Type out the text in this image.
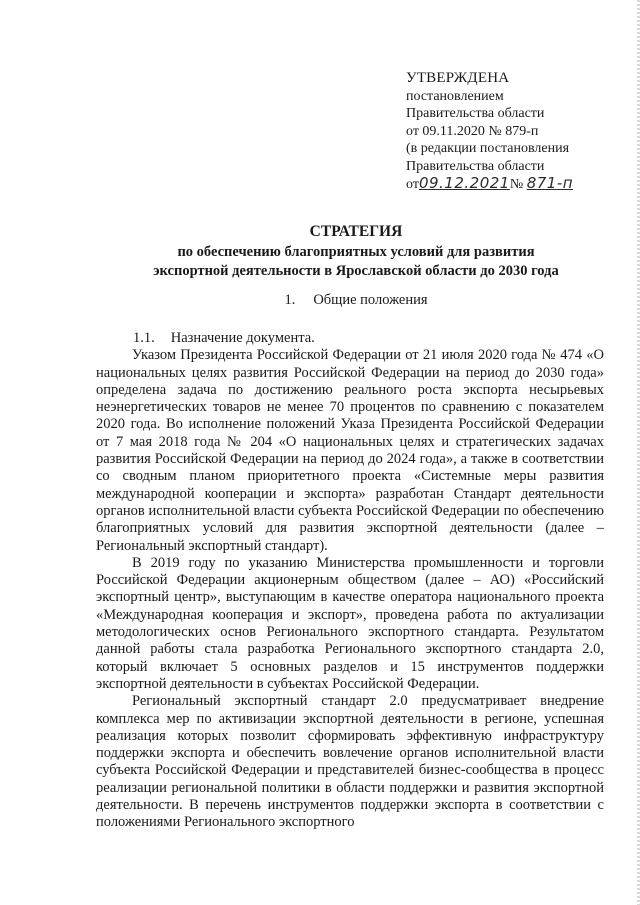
УТВЕРЖДЕНА
постановлением
Правительства области
от 09.11.2020 № 879-п
(в редакции постановления
Правительства области
от09.12.2021№ 871-п
СТРАТЕГИЯ
по обеспечению благоприятных условий для развития
экспортной деятельности в Ярославской области до 2030 года
1. Общие положения

1.1. Назначение документа.

Указом Президента Российской Федерации от 21 июля 2020 года № 474 «О национальных целях развития Российской Федерации на период до 2030 года» определена задача по достижению реального роста экспорта несырьевых неэнергетических товаров не менее 70 процентов по сравнению с показателем 2020 года. Во исполнение положений Указа Президента Российской Федерации от 7 мая 2018 года № 204 «О национальных целях и стратегических задачах развития Российской Федерации на период до 2024 года», а также в соответствии со сводным планом приоритетного проекта «Системные меры развития международной кооперации и экспорта» разработан Стандарт деятельности органов исполнительной власти субъекта Российской Федерации по обеспечению благоприятных условий для развития экспортной деятельности (далее – Региональный экспортный стандарт).

В 2019 году по указанию Министерства промышленности и торговли Российской Федерации акционерным обществом (далее – АО) «Российский экспортный центр», выступающим в качестве оператора национального проекта «Международная кооперация и экспорт», проведена работа по актуализации методологических основ Регионального экспортного стандарта. Результатом данной работы стала разработка Регионального экспортного стандарта 2.0, который включает 5 основных разделов и 15 инструментов поддержки экспортной деятельности в субъектах Российской Федерации.

Региональный экспортный стандарт 2.0 предусматривает внедрение комплекса мер по активизации экспортной деятельности в регионе, успешная реализация которых позволит сформировать эффективную инфраструктуру поддержки экспорта и обеспечить вовлечение органов исполнительной власти субъекта Российской Федерации и представителей бизнес-сообщества в процесс реализации региональной политики в области поддержки и развития экспортной деятельности. В перечень инструментов поддержки экспорта в соответствии с положениями Регионального экспортного
